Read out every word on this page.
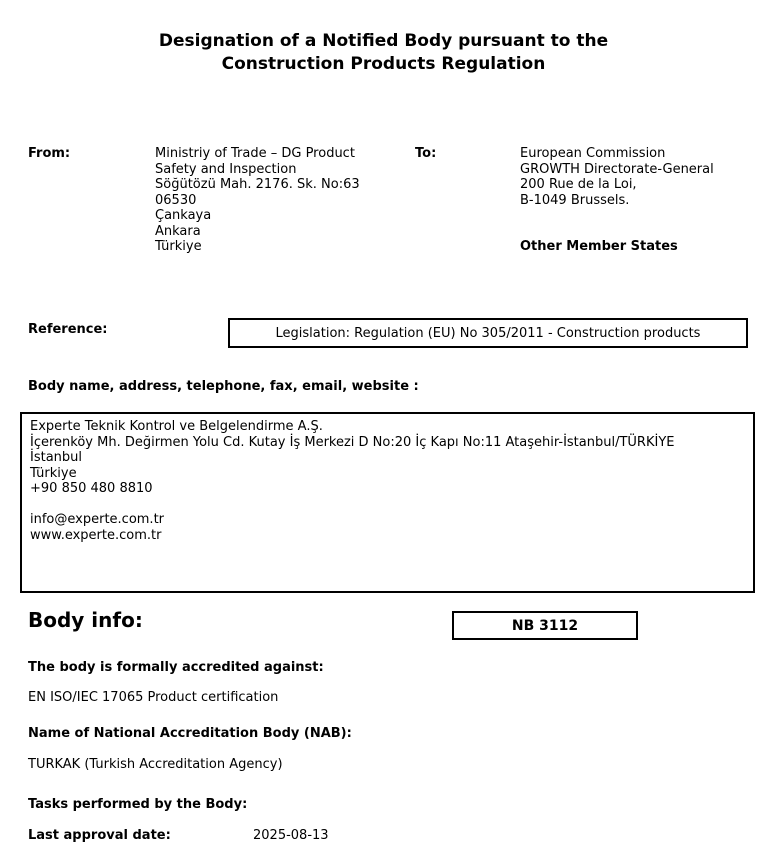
Designation of a Notified Body pursuant to the
Construction Products Regulation
From:	Ministriy of Trade – DG Product
Safety and Inspection
Söğütözü Mah. 2176. Sk. No:63
06530
Çankaya
Ankara
Türkiye
To:	European Commission
GROWTH Directorate-General
200 Rue de la Loi,
B-1049 Brussels.
Other Member States
Reference:	Legislation: Regulation (EU) No 305/2011 - Construction products
Body name, address, telephone, fax, email, website :
Experte Teknik Kontrol ve Belgelendirme A.Ş.
İçerenköy Mh. Değirmen Yolu Cd. Kutay İş Merkezi D No:20 İç Kapı No:11 Ataşehir-İstanbul/TÜRKİYE
İstanbul
Türkiye
+90 850 480 8810
info@experte.com.tr
www.experte.com.tr
Body info:	NB 3112
The body is formally accredited against:
EN ISO/IEC 17065 Product certification
Name of National Accreditation Body (NAB):
TURKAK (Turkish Accreditation Agency)
Tasks performed by the Body:
Last approval date:	2025-08-13
